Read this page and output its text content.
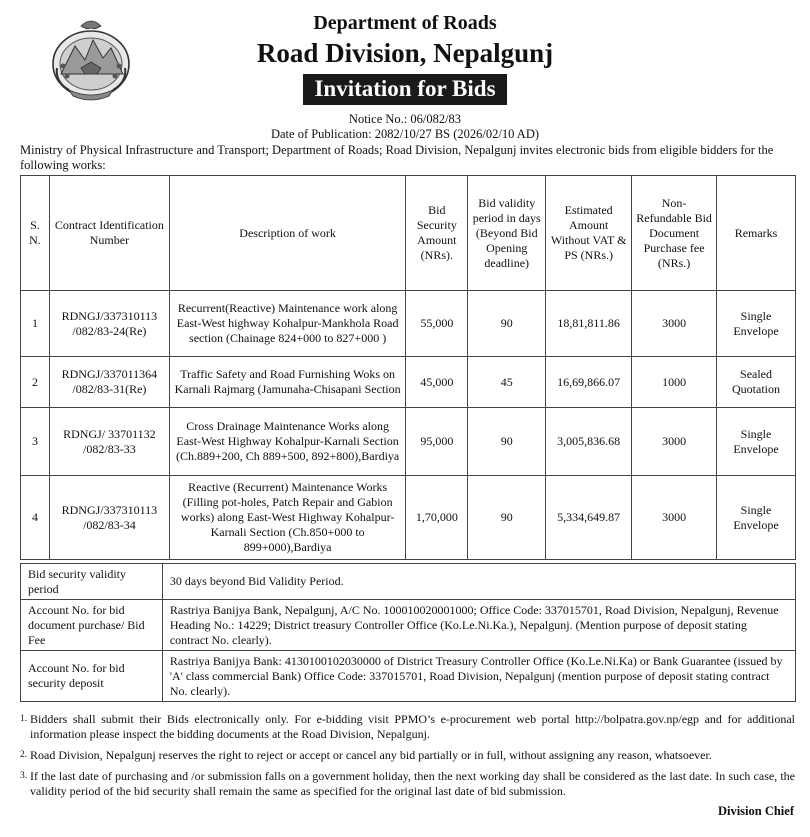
Department of Roads
Road Division, Nepalgunj
Invitation for Bids
Notice No.: 06/082/83
Date of Publication: 2082/10/27 BS (2026/02/10 AD)
Ministry of Physical Infrastructure and Transport; Department of Roads; Road Division, Nepalgunj invites electronic bids from eligible bidders for the following works:
S. N.	Contract Identification Number	Description of work	Bid Security Amount (NRs).	Bid validity period in days (Beyond Bid Opening deadline)	Estimated Amount Without VAT & PS (NRs.)	Non-Refundable Bid Document Purchase fee (NRs.)	Remarks
1	RDNGJ/337310113 /082/83-24(Re)	Recurrent(Reactive) Maintenance work along East-West highway Kohalpur-Mankhola Road section (Chainage 824+000 to 827+000 )	55,000	90	18,81,811.86	3000	Single Envelope
2	RDNGJ/337011364 /082/83-31(Re)	Traffic Safety and Road Furnishing Woks on Karnali Rajmarg (Jamunaha-Chisapani Section	45,000	45	16,69,866.07	1000	Sealed Quotation
3	RDNGJ/ 33701132 /082/83-33	Cross Drainage Maintenance Works along East-West Highway Kohalpur-Karnali Section (Ch.889+200, Ch 889+500, 892+800),Bardiya	95,000	90	3,005,836.68	3000	Single Envelope
4	RDNGJ/337310113 /082/83-34	Reactive (Recurrent) Maintenance Works (Filling pot-holes, Patch Repair and Gabion works) along East-West Highway Kohalpur-Karnali Section (Ch.850+000 to 899+000),Bardiya	1,70,000	90	5,334,649.87	3000	Single Envelope
Bid security validity period	30 days beyond Bid Validity Period.
Account No. for bid document purchase/ Bid Fee	Rastriya Banijya Bank, Nepalgunj, A/C No. 100010020001000; Office Code: 337015701, Road Division, Nepalgunj, Revenue Heading No.: 14229; District treasury Controller Office (Ko.Le.Ni.Ka.), Nepalgunj. (Mention purpose of deposit stating contract No. clearly).
Account No. for bid security deposit	Rastriya Banijya Bank: 4130100102030000 of District Treasury Controller Office (Ko.Le.Ni.Ka) or Bank Guarantee (issued by 'A' class commercial Bank) Office Code: 337015701, Road Division, Nepalgunj (mention purpose of deposit stating contract No. clearly).
1. Bidders shall submit their Bids electronically only. For e-bidding visit PPMO’s e-procurement web portal http://bolpatra.gov.np/egp and for additional information please inspect the bidding documents at the Road Division, Nepalgunj.
2. Road Division, Nepalgunj reserves the right to reject or accept or cancel any bid partially or in full, without assigning any reason, whatsoever.
3. If the last date of purchasing and /or submission falls on a government holiday, then the next working day shall be considered as the last date. In such case, the validity period of the bid security shall remain the same as specified for the original last date of bid submission.
Division Chief
